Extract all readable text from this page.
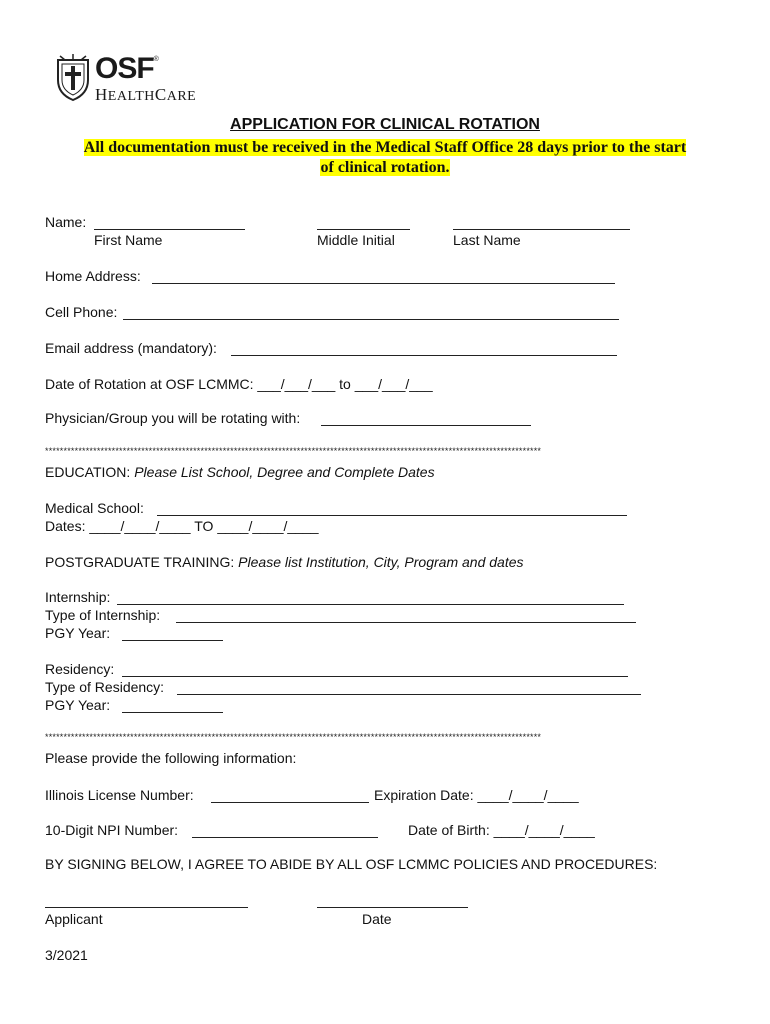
OSF®
HEALTHCARE
APPLICATION FOR CLINICAL ROTATION
All documentation must be received in the Medical Staff Office 28 days prior to the start
of clinical rotation.
Name:
First Name	Middle Initial	Last Name
Home Address:
Cell Phone:
Email address (mandatory):
Date of Rotation at OSF LCMMC: ___/___/___ to ___/___/___
Physician/Group you will be rotating with:
**************************************************************************************************************************************
EDUCATION: Please List School, Degree and Complete Dates
Medical School:
Dates: ____/____/____ TO ____/____/____
POSTGRADUATE TRAINING: Please list Institution, City, Program and dates
Internship:
Type of Internship:
PGY Year:
Residency:
Type of Residency:
PGY Year:
**************************************************************************************************************************************
Please provide the following information:
Illinois License Number:	Expiration Date: ____/____/____
10-Digit NPI Number:	Date of Birth: ____/____/____
BY SIGNING BELOW, I AGREE TO ABIDE BY ALL OSF LCMMC POLICIES AND PROCEDURES:
Applicant	Date
3/2021
